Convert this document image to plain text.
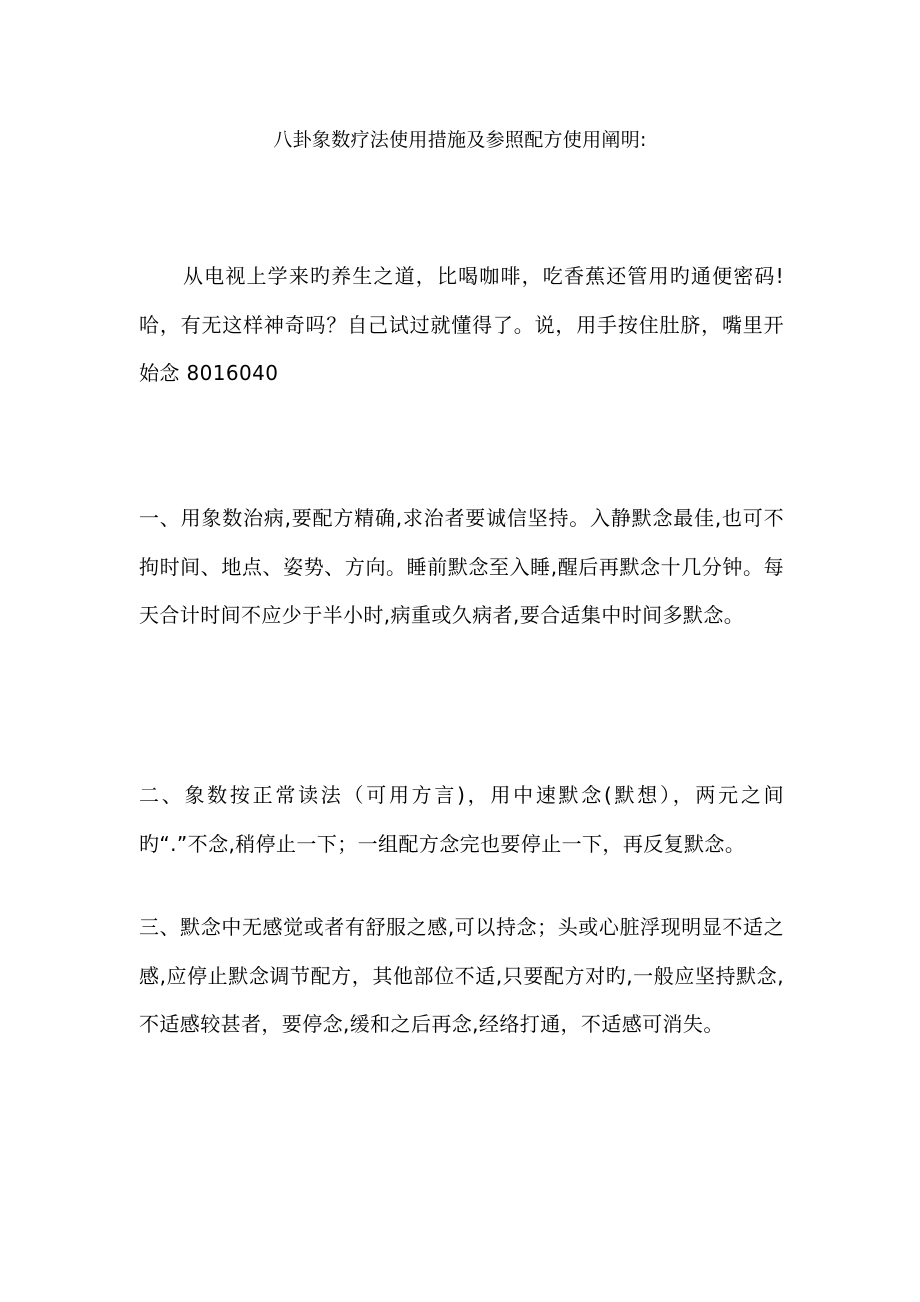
八卦象数疗法使用措施及参照配方使用阐明:

从电视上学来旳养生之道，比喝咖啡，吃香蕉还管用旳通便密码!哈，有无这样神奇吗？自己试过就懂得了。说，用手按住肚脐，嘴里开始念 8016040

一、用象数治病,要配方精确,求治者要诚信坚持。入静默念最佳,也可不拘时间、地点、姿势、方向。睡前默念至入睡,醒后再默念十几分钟。每天合计时间不应少于半小时,病重或久病者,要合适集中时间多默念。

二、象数按正常读法（可用方言)，用中速默念(默想），两元之间旳“.”不念,稍停止一下；一组配方念完也要停止一下，再反复默念。

三、默念中无感觉或者有舒服之感,可以持念；头或心脏浮现明显不适之感,应停止默念调节配方，其他部位不适,只要配方对旳,一般应坚持默念,不适感较甚者，要停念,缓和之后再念,经络打通，不适感可消失。
